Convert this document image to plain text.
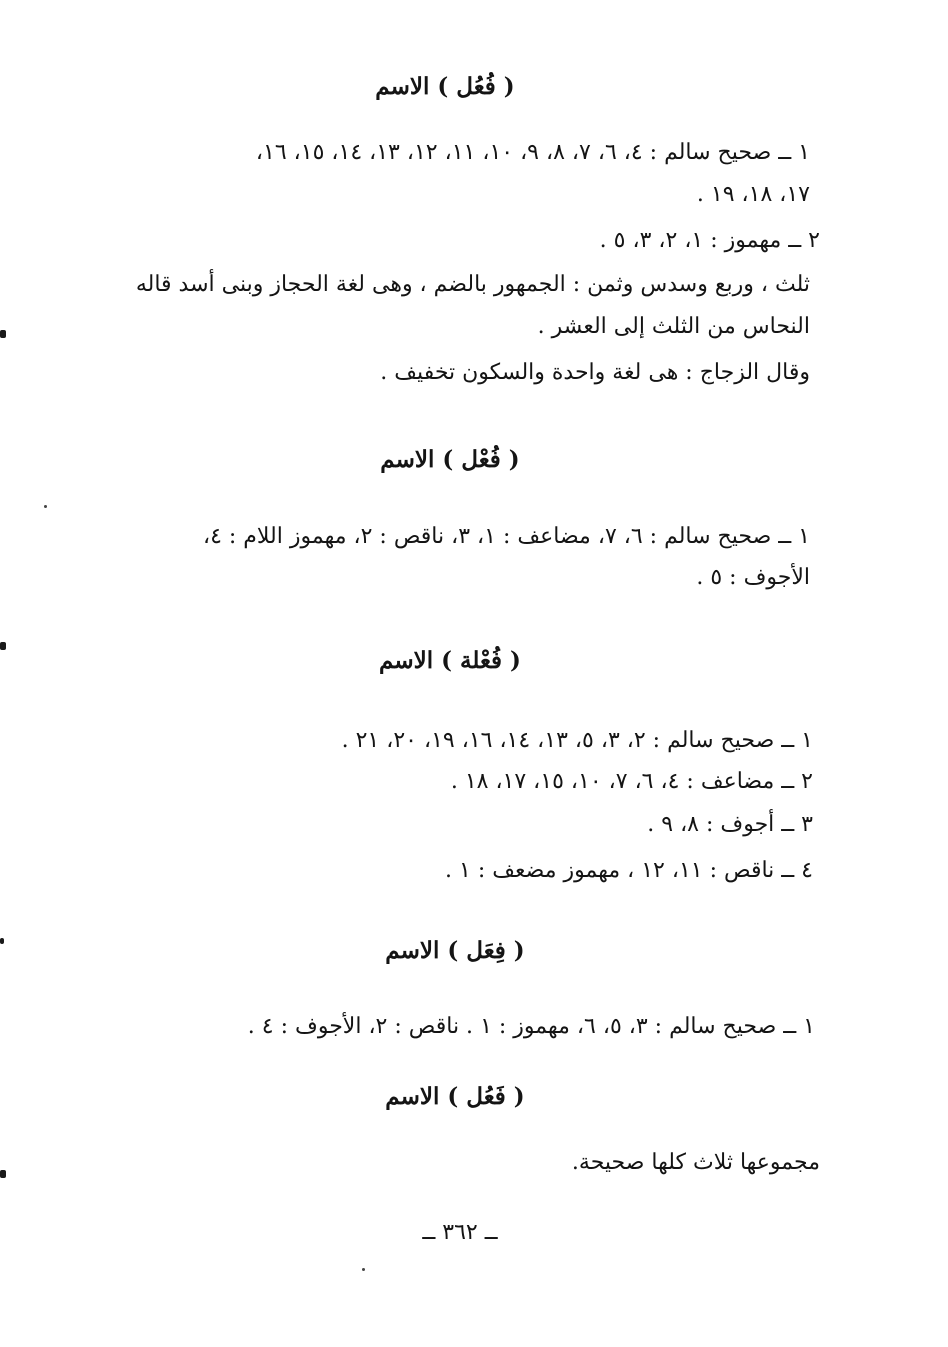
( فُعُل ) الاسم
١ ــ صحيح سالم : ٤، ٦، ٧، ٨، ٩، ١٠، ١١، ١٢، ١٣، ١٤، ١٥، ١٦،
١٧، ١٨، ١٩ .
٢ ــ مهموز : ١، ٢، ٣، ٥ .
ثلث ، وربع وسدس وثمن : الجمهور بالضم ، وهى لغة الحجاز وبنى أسد قاله
النحاس من الثلث إلى العشر .
وقال الزجاج : هى لغة واحدة والسكون تخفيف .
( فُعْل ) الاسم
١ ــ صحيح سالم : ٦، ٧، مضاعف : ١، ٣، ناقص : ٢، مهموز اللام : ٤،
الأجوف : ٥ .
( فُعْلة ) الاسم
١ ــ صحيح سالم : ٢، ٣، ٥، ١٣، ١٤، ١٦، ١٩، ٢٠، ٢١ .
٢ ــ مضاعف : ٤، ٦، ٧، ١٠، ١٥، ١٧، ١٨ .
٣ ــ أجوف : ٨، ٩ .
٤ ــ ناقص : ١١، ١٢ ، مهموز مضعف : ١ .
( فِعَل ) الاسم
١ ــ صحيح سالم : ٣، ٥، ٦، مهموز : ١ . ناقص : ٢، الأجوف : ٤ .
( فَعُل ) الاسم
مجموعها ثلاث كلها صحيحة.
ــ ٣٦٢ ــ
